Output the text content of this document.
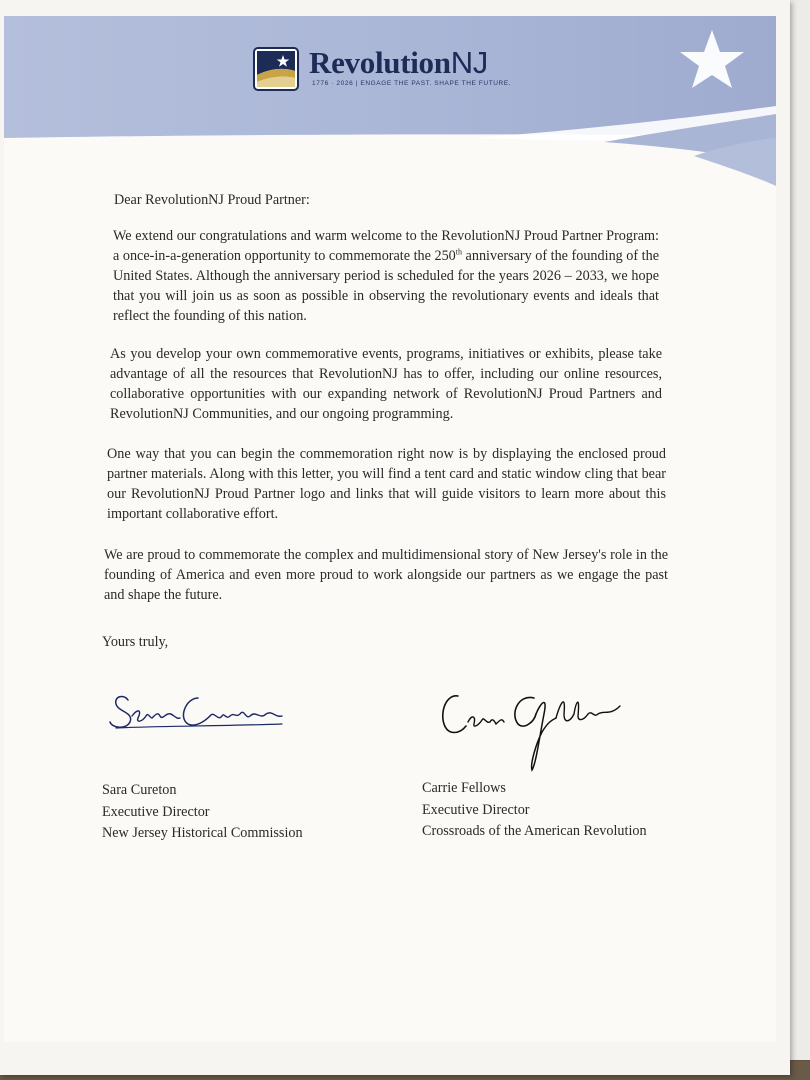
RevolutionNJ
1776 · 2026 | ENGAGE THE PAST. SHAPE THE FUTURE.
Dear RevolutionNJ Proud Partner:
We extend our congratulations and warm welcome to the RevolutionNJ Proud Partner Program: a once-in-a-generation opportunity to commemorate the 250th anniversary of the founding of the United States. Although the anniversary period is scheduled for the years 2026 – 2033, we hope that you will join us as soon as possible in observing the revolutionary events and ideals that reflect the founding of this nation.
As you develop your own commemorative events, programs, initiatives or exhibits, please take advantage of all the resources that RevolutionNJ has to offer, including our online resources, collaborative opportunities with our expanding network of RevolutionNJ Proud Partners and RevolutionNJ Communities, and our ongoing programming.
One way that you can begin the commemoration right now is by displaying the enclosed proud partner materials. Along with this letter, you will find a tent card and static window cling that bear our RevolutionNJ Proud Partner logo and links that will guide visitors to learn more about this important collaborative effort.
We are proud to commemorate the complex and multidimensional story of New Jersey's role in the founding of America and even more proud to work alongside our partners as we engage the past and shape the future.
Yours truly,
Sara Cureton
Executive Director
New Jersey Historical Commission
Carrie Fellows
Executive Director
Crossroads of the American Revolution
